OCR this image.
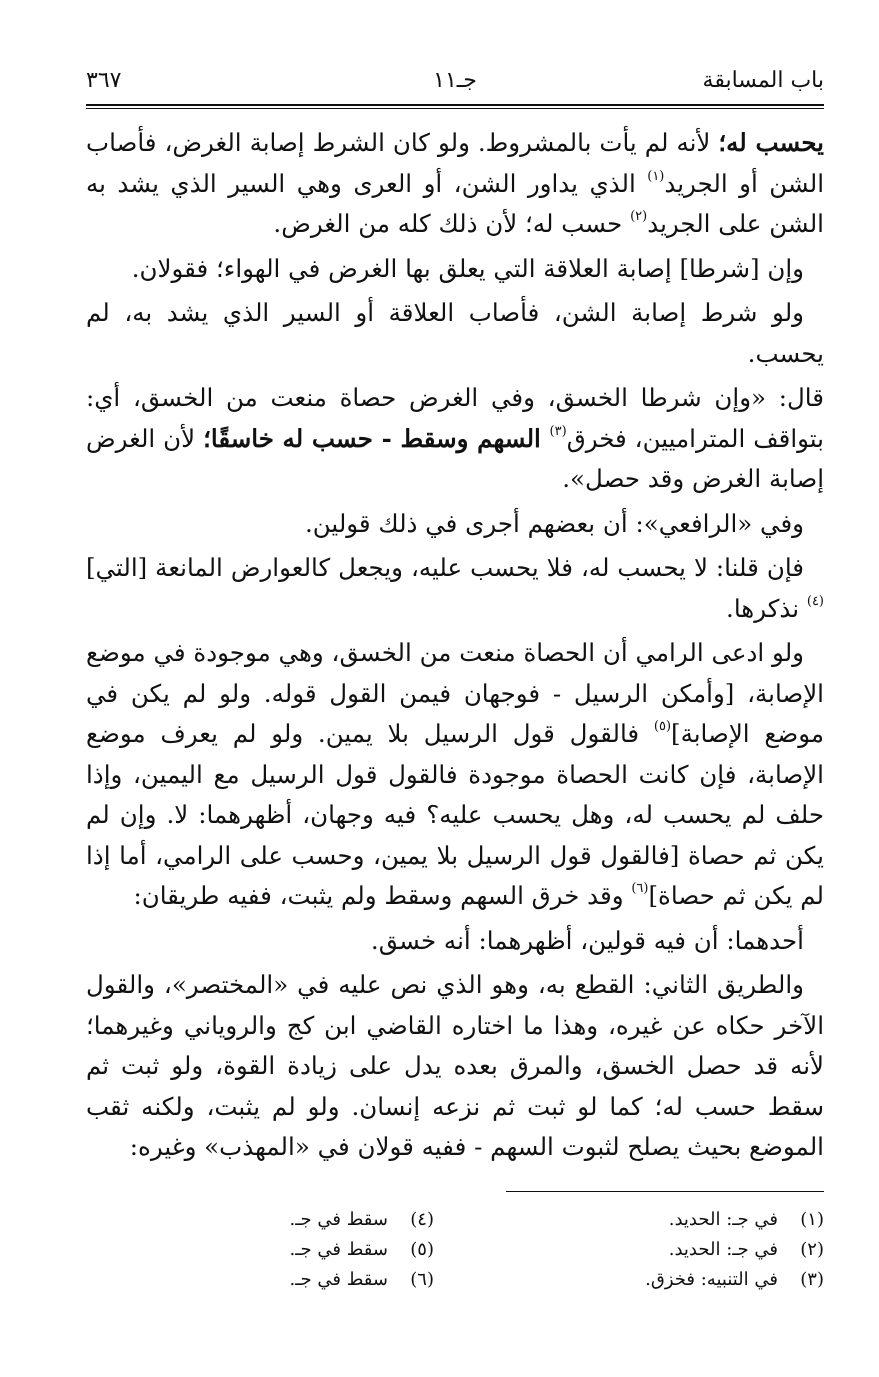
باب المسابقة
جـ١١
٣٦٧

يحسب له؛ لأنه لم يأت بالمشروط. ولو كان الشرط إصابة الغرض، فأصاب الشن أو الجريد$^{(١)}$ الذي يداور الشن، أو العرى وهي السير الذي يشد به الشن على الجريد$^{(٢)}$ حسب له؛ لأن ذلك كله من الغرض.

وإن [شرطا] إصابة العلاقة التي يعلق بها الغرض في الهواء؛ فقولان.

ولو شرط إصابة الشن، فأصاب العلاقة أو السير الذي يشد به، لم يحسب.

قال: «وإن شرطا الخسق، وفي الغرض حصاة منعت من الخسق، أي: بتواقف المتراميين، فخرق$^{(٣)}$ السهم وسقط - حسب له خاسقًا؛ لأن الغرض إصابة الغرض وقد حصل».

وفي «الرافعي»: أن بعضهم أجرى في ذلك قولين.

فإن قلنا: لا يحسب له، فلا يحسب عليه، ويجعل كالعوارض المانعة [التي]$^{(٤)}$ نذكرها.

ولو ادعى الرامي أن الحصاة منعت من الخسق، وهي موجودة في موضع الإصابة، [وأمكن الرسيل - فوجهان فيمن القول قوله. ولو لم يكن في موضع الإصابة]$^{(٥)}$ فالقول قول الرسيل بلا يمين. ولو لم يعرف موضع الإصابة، فإن كانت الحصاة موجودة فالقول قول الرسيل مع اليمين، وإذا حلف لم يحسب له، وهل يحسب عليه؟ فيه وجهان، أظهرهما: لا. وإن لم يكن ثم حصاة [فالقول قول الرسيل بلا يمين، وحسب على الرامي، أما إذا لم يكن ثم حصاة]$^{(٦)}$ وقد خرق السهم وسقط ولم يثبت، ففيه طريقان:

أحدهما: أن فيه قولين، أظهرهما: أنه خسق.

والطريق الثاني: القطع به، وهو الذي نص عليه في «المختصر»، والقول الآخر حكاه عن غيره، وهذا ما اختاره القاضي ابن كج والروياني وغيرهما؛ لأنه قد حصل الخسق، والمرق بعده يدل على زيادة القوة، ولو ثبت ثم سقط حسب له؛ كما لو ثبت ثم نزعه إنسان. ولو لم يثبت، ولكنه ثقب الموضع بحيث يصلح لثبوت السهم - ففيه قولان في «المهذب» وغيره:

(١)في جـ: الحديد.
(٢)في جـ: الحديد.
(٣)في التنبيه: فخزق.
(٤)سقط في جـ.
(٥)سقط في جـ.
(٦)سقط في جـ.
